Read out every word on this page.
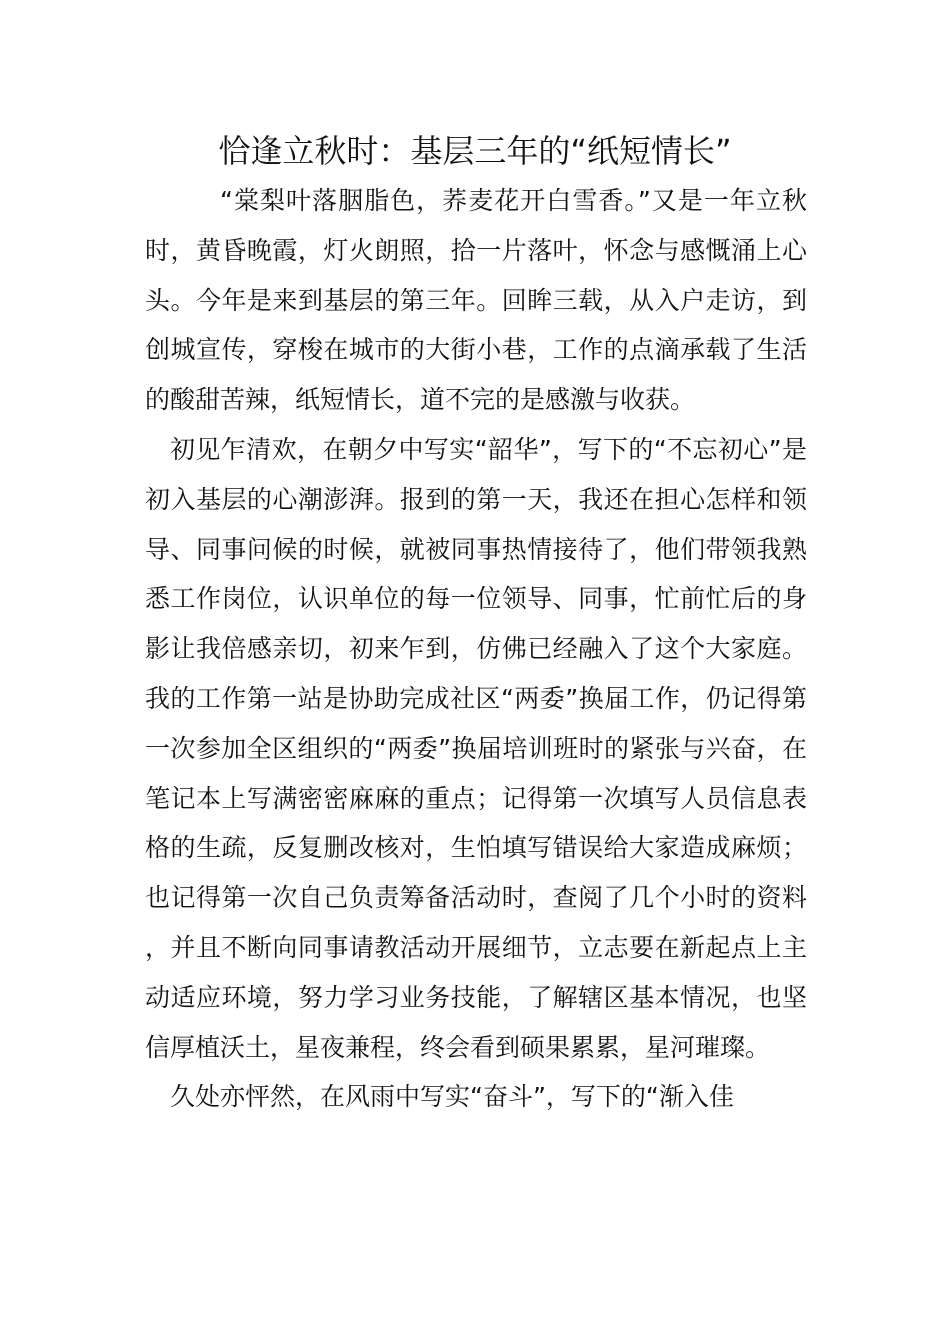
恰逢立秋时：基层三年的“纸短情长”

“棠梨叶落胭脂色，荞麦花开白雪香。”又是一年立秋时，黄昏晚霞，灯火朗照，拾一片落叶，怀念与感慨涌上心头。今年是来到基层的第三年。回眸三载，从入户走访，到创城宣传，穿梭在城市的大街小巷，工作的点滴承载了生活的酸甜苦辣，纸短情长，道不完的是感激与收获。

初见乍清欢，在朝夕中写实“韶华”，写下的“不忘初心”是初入基层的心潮澎湃。报到的第一天，我还在担心怎样和领导、同事问候的时候，就被同事热情接待了，他们带领我熟悉工作岗位，认识单位的每一位领导、同事，忙前忙后的身影让我倍感亲切，初来乍到，仿佛已经融入了这个大家庭。我的工作第一站是协助完成社区“两委”换届工作，仍记得第一次参加全区组织的“两委”换届培训班时的紧张与兴奋，在笔记本上写满密密麻麻的重点；记得第一次填写人员信息表格的生疏，反复删改核对，生怕填写错误给大家造成麻烦；也记得第一次自己负责筹备活动时，查阅了几个小时的资料，并且不断向同事请教活动开展细节，立志要在新起点上主动适应环境，努力学习业务技能，了解辖区基本情况，也坚信厚植沃土，星夜兼程，终会看到硕果累累，星河璀璨。

久处亦怦然，在风雨中写实“奋斗”，写下的“渐入佳
